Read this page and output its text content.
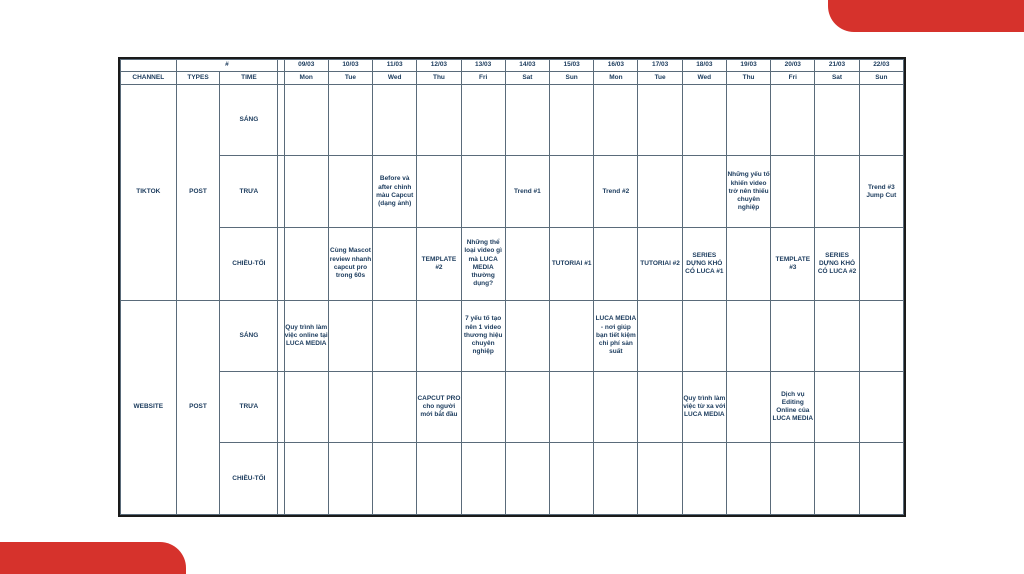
	#			09/03	10/03	11/03	12/03	13/03	14/03	15/03	16/03	17/03	18/03	19/03	20/03	21/03	22/03
CHANNEL	TYPES	TIME		Mon	Tue	Wed	Thu	Fri	Sat	Sun	Mon	Tue	Wed	Thu	Fri	Sat	Sun
TIKTOK	POST	SÁNG															
		TRƯA				Before và after chỉnh màu Capcut (dạng ảnh)			Trend #1		Trend #2			Những yếu tố khiến video trở nên thiếu chuyên nghiệp			Trend #3 Jump Cut
		CHIỀU-TỐI			Cùng Mascot review nhanh capcut pro trong 60s		TEMPLATE #2	Những thể loại video gì mà LUCA MEDIA thường dụng?		TUTORIAl #1		TUTORIAl #2	SERIES DỰNG KHÓ CÓ LUCA #1		TEMPLATE #3	SERIES DỰNG KHÓ CÓ LUCA #2	
WEBSITE	POST	SÁNG		Quy trình làm việc online tại LUCA MEDIA				7 yếu tố tạo nên 1 video thương hiệu chuyên nghiệp			LUCA MEDIA - nơi giúp bạn tiết kiệm chi phí sản suất						
		TRƯA					CAPCUT PRO cho người mới bắt đầu						Quy trình làm việc từ xa với LUCA MEDIA		Dịch vụ Editing Online của LUCA MEDIA		
		CHIỀU-TỐI															
